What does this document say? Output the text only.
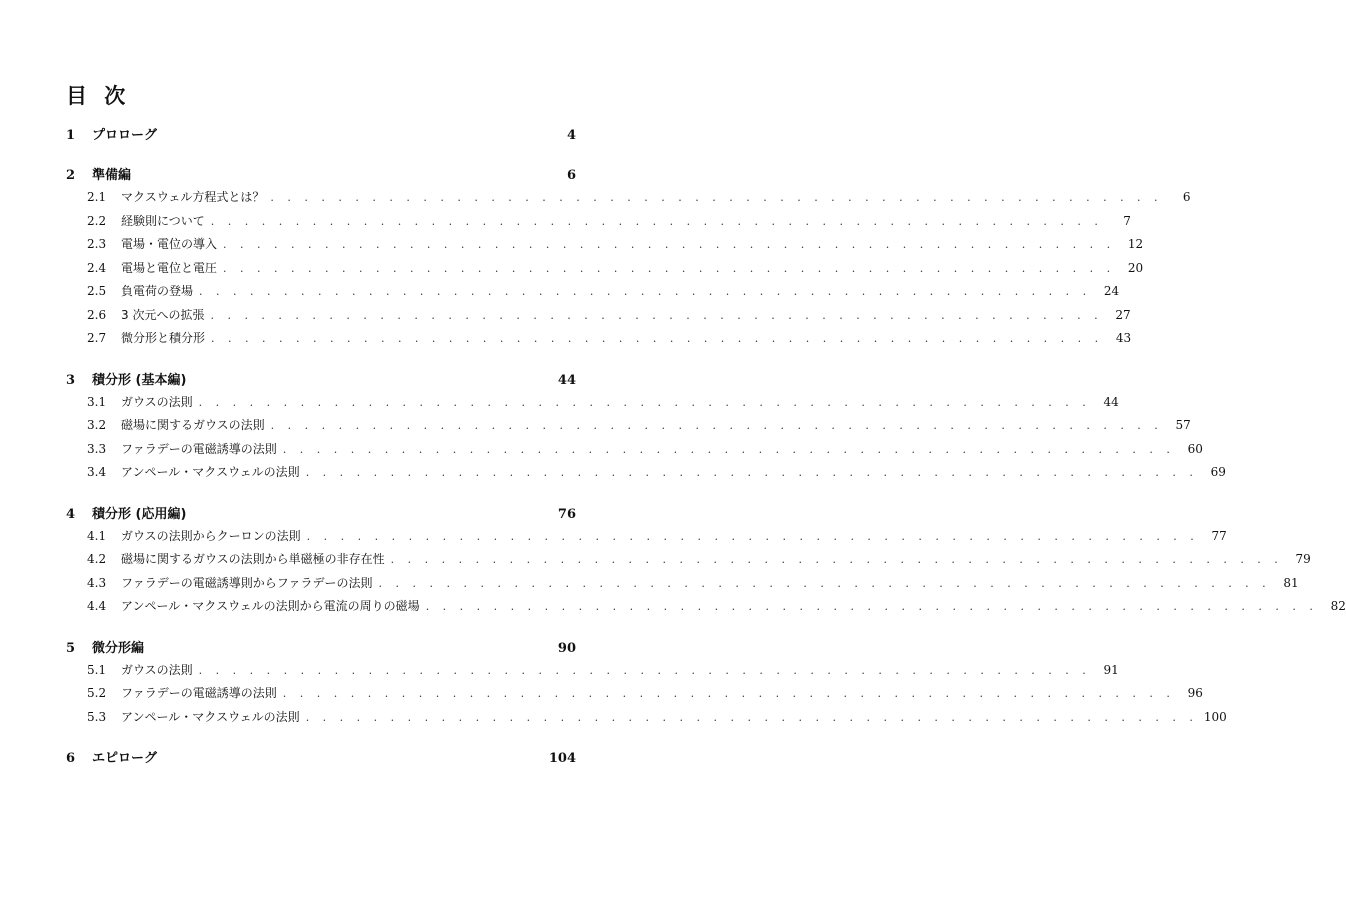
目 次
1	プロローグ	4
2	準備編	6
2.1	マクスウェル方程式とは？ . . . . . . . . . . . . . . . . . . . . . . . . . . . . . . . . . . . . . . . . . . . . . . . . . . . . .	6
2.2	経験則について . . . . . . . . . . . . . . . . . . . . . . . . . . . . . . . . . . . . . . . . . . . . . . . . . . . . .	7
2.3	電場・電位の導入 . . . . . . . . . . . . . . . . . . . . . . . . . . . . . . . . . . . . . . . . . . . . . . . . . . . . .	12
2.4	電場と電位と電圧 . . . . . . . . . . . . . . . . . . . . . . . . . . . . . . . . . . . . . . . . . . . . . . . . . . . . .	20
2.5	負電荷の登場 . . . . . . . . . . . . . . . . . . . . . . . . . . . . . . . . . . . . . . . . . . . . . . . . . . . . .	24
2.6	3 次元への拡張 . . . . . . . . . . . . . . . . . . . . . . . . . . . . . . . . . . . . . . . . . . . . . . . . . . . . .	27
2.7	微分形と積分形 . . . . . . . . . . . . . . . . . . . . . . . . . . . . . . . . . . . . . . . . . . . . . . . . . . . . .	43
3	積分形 (基本編)	44
3.1	ガウスの法則 . . . . . . . . . . . . . . . . . . . . . . . . . . . . . . . . . . . . . . . . . . . . . . . . . . . . .	44
3.2	磁場に関するガウスの法則 . . . . . . . . . . . . . . . . . . . . . . . . . . . . . . . . . . . . . . . . . . . . . . . . . . . . .	57
3.3	ファラデーの電磁誘導の法則 . . . . . . . . . . . . . . . . . . . . . . . . . . . . . . . . . . . . . . . . . . . . . . . . . . . . .	60
3.4	アンペール・マクスウェルの法則 . . . . . . . . . . . . . . . . . . . . . . . . . . . . . . . . . . . . . . . . . . . . . . . . . . . . .	69
4	積分形 (応用編)	76
4.1	ガウスの法則からクーロンの法則 . . . . . . . . . . . . . . . . . . . . . . . . . . . . . . . . . . . . . . . . . . . . . . . . . . . . .	77
4.2	磁場に関するガウスの法則から単磁極の非存在性 . . . . . . . . . . . . . . . . . . . . . . . . . . . . . . . . . . . . . . . . . . . . . . . . . . . . .	79
4.3	ファラデーの電磁誘導則からファラデーの法則 . . . . . . . . . . . . . . . . . . . . . . . . . . . . . . . . . . . . . . . . . . . . . . . . . . . . .	81
4.4	アンペール・マクスウェルの法則から電流の周りの磁場 . . . . . . . . . . . . . . . . . . . . . . . . . . . . . . . . . . . . . . . . . . . . . . . . . . . . .	82
5	微分形編	90
5.1	ガウスの法則 . . . . . . . . . . . . . . . . . . . . . . . . . . . . . . . . . . . . . . . . . . . . . . . . . . . . .	91
5.2	ファラデーの電磁誘導の法則 . . . . . . . . . . . . . . . . . . . . . . . . . . . . . . . . . . . . . . . . . . . . . . . . . . . . .	96
5.3	アンペール・マクスウェルの法則 . . . . . . . . . . . . . . . . . . . . . . . . . . . . . . . . . . . . . . . . . . . . . . . . . . . . . 100
6	エピローグ	104
